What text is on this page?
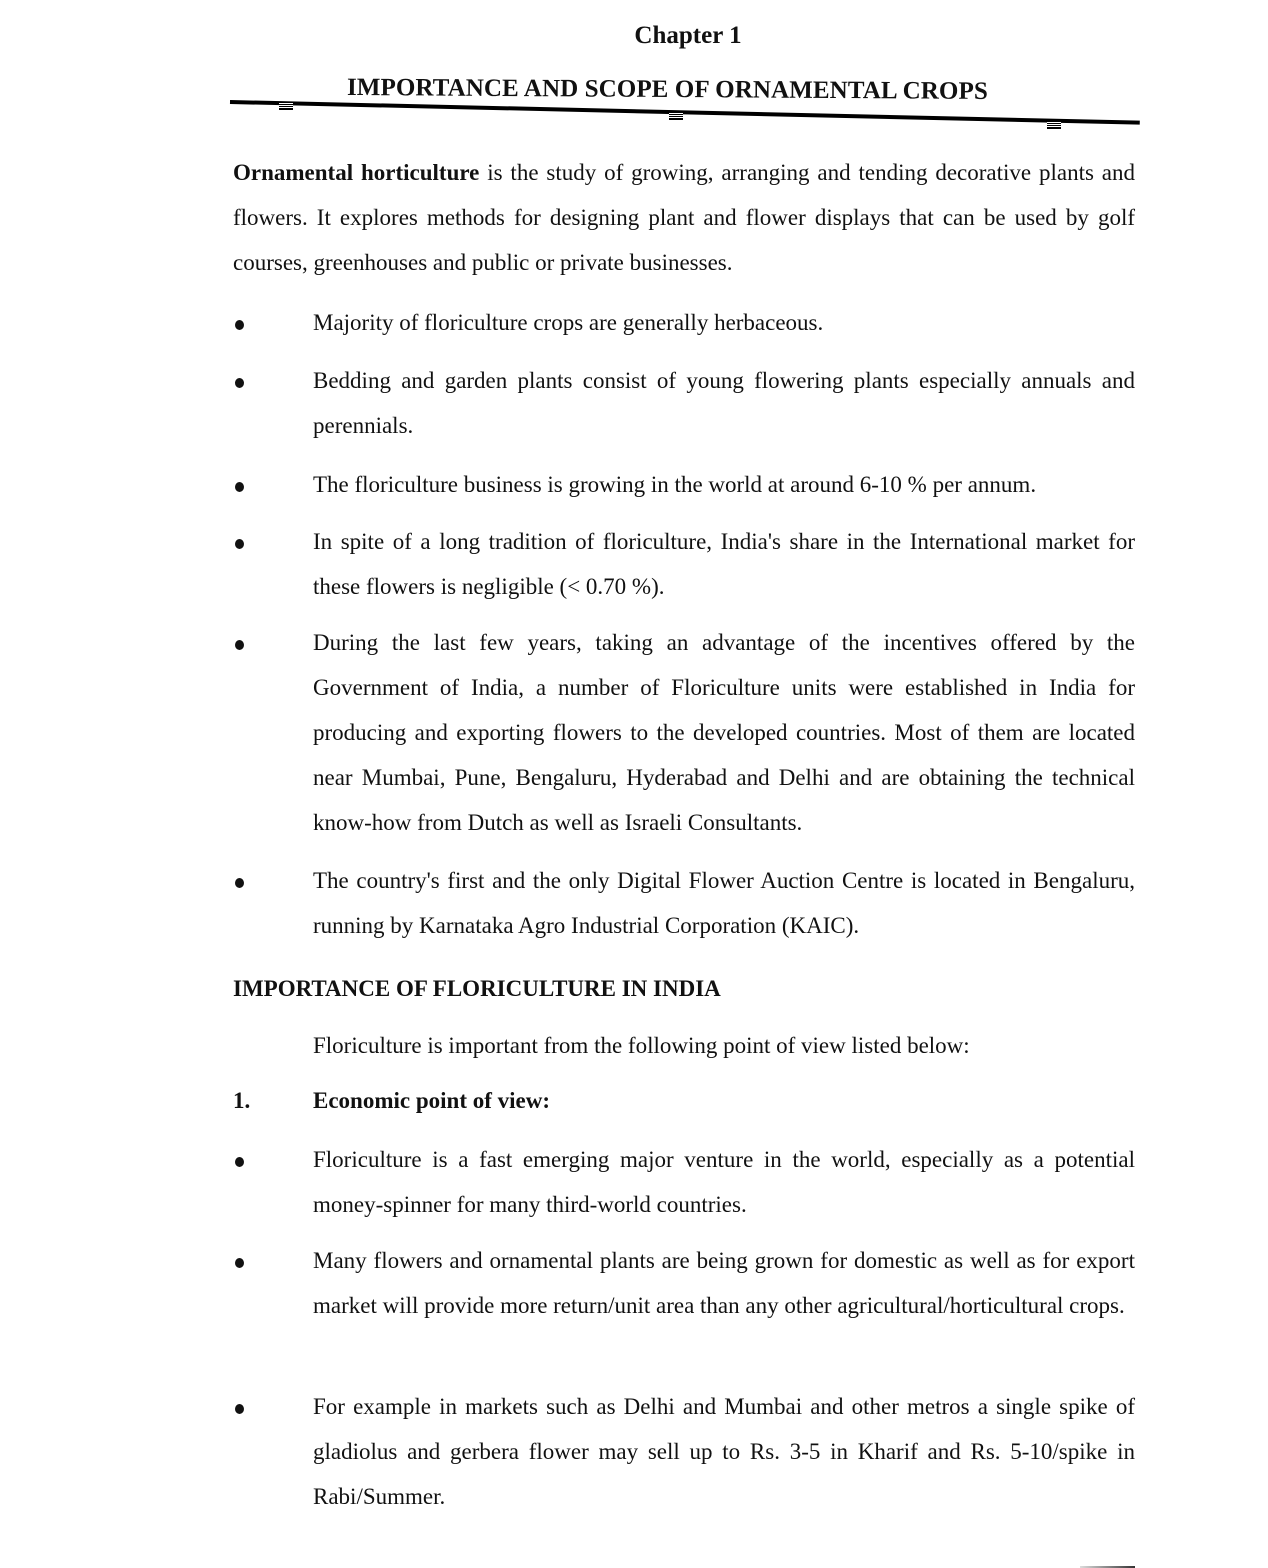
Chapter 1
IMPORTANCE AND SCOPE OF ORNAMENTAL CROPS
Ornamental horticulture is the study of growing, arranging and tending decorative plants and flowers. It explores methods for designing plant and flower displays that can be used by golf courses, greenhouses and public or private businesses.
Majority of floriculture crops are generally herbaceous.
Bedding and garden plants consist of young flowering plants especially annuals and perennials.
The floriculture business is growing in the world at around 6-10 % per annum.
In spite of a long tradition of floriculture, India's share in the International market for these flowers is negligible (< 0.70 %).
During the last few years, taking an advantage of the incentives offered by the Government of India, a number of Floriculture units were established in India for producing and exporting flowers to the developed countries. Most of them are located near Mumbai, Pune, Bengaluru, Hyderabad and Delhi and are obtaining the technical know-how from Dutch as well as Israeli Consultants.
The country's first and the only Digital Flower Auction Centre is located in Bengaluru, running by Karnataka Agro Industrial Corporation (KAIC).
IMPORTANCE OF FLORICULTURE IN INDIA
Floriculture is important from the following point of view listed below:
1.	Economic point of view:
Floriculture is a fast emerging major venture in the world, especially as a potential money-spinner for many third-world countries.
Many flowers and ornamental plants are being grown for domestic as well as for export market will provide more return/unit area than any other agricultural/horticultural crops.
For example in markets such as Delhi and Mumbai and other metros a single spike of gladiolus and gerbera flower may sell up to Rs. 3-5 in Kharif and Rs. 5-10/spike in Rabi/Summer.
